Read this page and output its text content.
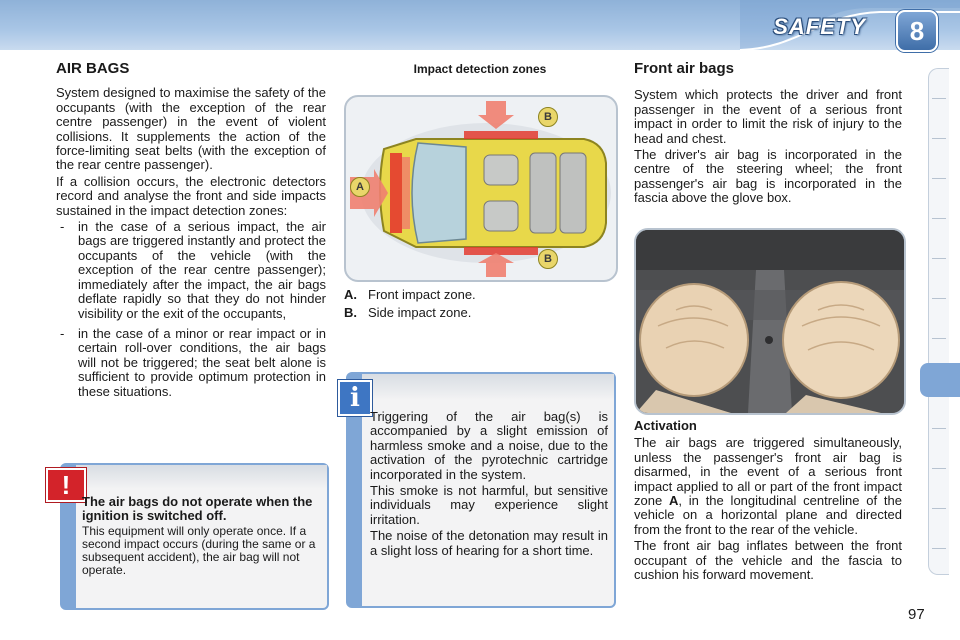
SAFETY	8
AIR BAGS

System designed to maximise the safety of the occupants (with the exception of the rear centre passenger) in the event of violent collisions. It supplements the action of the force-limiting seat belts (with the exception of the rear centre passenger).

If a collision occurs, the electronic detectors record and analyse the front and side impacts sustained in the impact detection zones:

- in the case of a serious impact, the air bags are triggered instantly and protect the occupants of the vehicle (with the exception of the rear centre passenger); immediately after the impact, the air bags deflate rapidly so that they do not hinder visibility or the exit of the occupants,
- in the case of a minor or rear impact or in certain roll-over conditions, the air bags will not be triggered; the seat belt alone is sufficient to provide optimum protection in these situations.
!
The air bags do not operate when the ignition is switched off.
This equipment will only operate once. If a second impact occurs (during the same or a subsequent accident), the air bag will not operate.
Impact detection zones
A
B
B
A. Front impact zone.
B. Side impact zone.
i

Triggering of the air bag(s) is accompanied by a slight emission of harmless smoke and a noise, due to the activation of the pyrotechnic cartridge incorporated in the system.

This smoke is not harmful, but sensitive individuals may experience slight irritation.

The noise of the detonation may result in a slight loss of hearing for a short time.

Front air bags

System which protects the driver and front passenger in the event of a serious front impact in order to limit the risk of injury to the head and chest.

The driver's air bag is incorporated in the centre of the steering wheel; the front passenger's air bag is incorporated in the fascia above the glove box.

Activation

The air bags are triggered simultaneously, unless the passenger's front air bag is disarmed, in the event of a serious front impact applied to all or part of the front impact zone A, in the longitudinal centreline of the vehicle on a horizontal plane and directed from the front to the rear of the vehicle.

The front air bag inflates between the front occupant of the vehicle and the fascia to cushion his forward movement.

97
